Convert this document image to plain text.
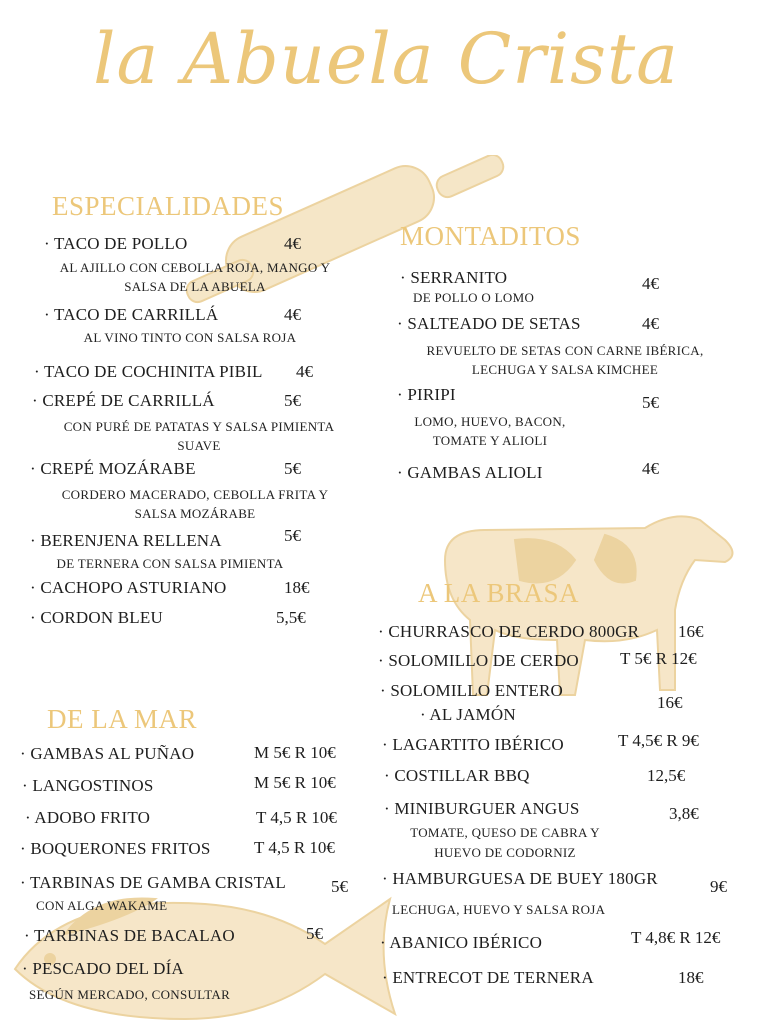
la Abuela Crista
ESPECIALIDADES
· TACO DE POLLO	4€
AL AJILLO CON CEBOLLA ROJA, MANGO Y
SALSA DE LA ABUELA
· TACO DE CARRILLÁ	4€
AL VINO TINTO CON SALSA ROJA
· TACO DE COCHINITA PIBIL 4€
· CREPÉ DE CARRILLÁ	5€
CON PURÉ DE PATATAS Y SALSA PIMIENTA
SUAVE
· CREPÉ MOZÁRABE	5€
CORDERO MACERADO, CEBOLLA FRITA Y
SALSA MOZÁRABE
· BERENJENA RELLENA	5€
DE TERNERA CON SALSA PIMIENTA
· CACHOPO ASTURIANO	18€
· CORDON BLEU	5,5€
MONTADITOS
· SERRANITO	4€
DE POLLO O LOMO
· SALTEADO DE SETAS	4€
REVUELTO DE SETAS CON CARNE IBÉRICA,
LECHUGA Y SALSA KIMCHEE
· PIRIPI	5€
LOMO, HUEVO, BACON,
TOMATE Y ALIOLI
· GAMBAS ALIOLI	4€
DE LA MAR
· GAMBAS AL PUÑAO	M 5€ R 10€
· LANGOSTINOS	M 5€ R 10€
· ADOBO FRITO	T 4,5 R 10€
· BOQUERONES FRITOS	T 4,5 R 10€
· TARBINAS DE GAMBA CRISTAL	5€
CON ALGA WAKAME
· TARBINAS DE BACALAO	5€
· PESCADO DEL DÍA
SEGÚN MERCADO, CONSULTAR
A LA BRASA
· CHURRASCO DE CERDO 800GR 16€
· SOLOMILLO DE CERDO T 5€ R 12€
· SOLOMILLO ENTERO
· AL JAMÓN
16€
· LAGARTITO IBÉRICO	T 4,5€ R 9€
· COSTILLAR BBQ	12,5€
· MINIBURGUER ANGUS	3,8€
TOMATE, QUESO DE CABRA Y
HUEVO DE CODORNIZ
· HAMBURGUESA DE BUEY 180GR	9€
LECHUGA, HUEVO Y SALSA ROJA
· ABANICO IBÉRICO	T 4,8€ R 12€
· ENTRECOT DE TERNERA	18€
